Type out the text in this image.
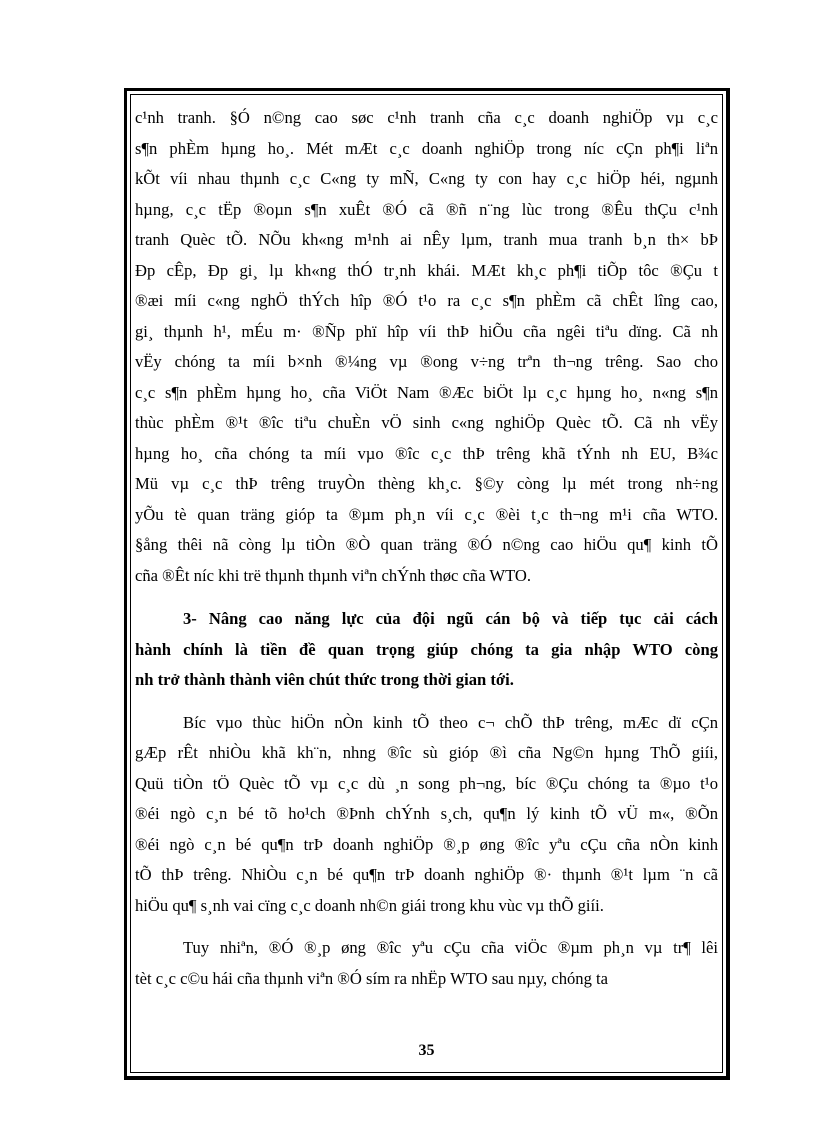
c¹nh tranh. §Ó n©ng cao søc c¹nh tranh cña c¸c doanh nghiÖp vµ c¸c
s¶n phÈm hµng ho¸. Mét mÆt c¸c doanh nghiÖp trong níc cÇn ph¶i liªn
kÕt víi nhau thµnh c¸c C«ng ty mÑ, C«ng ty con hay c¸c hiÖp héi, ngµnh
hµng, c¸c tËp ®oµn s¶n xuÊt ®Ó cã ®ñ n¨ng lùc trong ®Êu thÇu c¹nh
tranh Quèc tÕ. NÕu kh«ng m¹nh ai nÊy lµm, tranh mua tranh b¸n th× bÞ
Ðp cÊp, Ðp gi¸ lµ kh«ng thÓ tr¸nh khái. MÆt kh¸c ph¶i tiÕp tôc ®Çu t
®æi míi c«ng nghÖ thÝch hîp ®Ó t¹o ra c¸c s¶n phÈm cã chÊt lîng cao,
gi¸ thµnh h¹, mÉu m· ®Ñp phï hîp víi thÞ hiÕu cña ngêi tiªu dïng. Cã nh
vËy chóng ta míi b×nh ®¼ng vµ ®ong v÷ng trªn th¬ng trêng. Sao cho
c¸c s¶n phÈm hµng ho¸ cña ViÖt Nam ®Æc biÖt lµ c¸c hµng ho¸ n«ng s¶n
thùc phÈm ®¹t ®îc tiªu chuÈn vÖ sinh c«ng nghiÖp Quèc tÕ. Cã nh vËy
hµng ho¸ cña chóng ta míi vµo ®îc c¸c thÞ trêng khã tÝnh nh EU, B¾c
Mü vµ c¸c thÞ trêng truyÒn thèng kh¸c. §©y còng lµ mét trong nh÷ng
yÕu tè quan träng gióp ta ®µm ph¸n víi c¸c ®èi t¸c th¬ng m¹i cña WTO.
§ång thêi nã còng lµ tiÒn ®Ò quan träng ®Ó n©ng cao hiÖu qu¶ kinh tÕ
cña ®Êt níc khi trë thµnh thµnh viªn chÝnh thøc cña WTO.
3- Nâng cao năng lực của đội ngũ cán bộ và tiếp tục cải cách
hành chính là tiền đề quan trọng giúp chóng ta gia nhập WTO còng
nh trở thành thành viên chút thức trong thời gian tới.
Bíc vµo thùc hiÖn nÒn kinh tÕ theo c¬ chÕ thÞ trêng, mÆc dï cÇn
gÆp rÊt nhiÒu khã kh¨n, nhng ®îc sù gióp ®ì cña Ng©n hµng ThÕ giíi,
Quü tiÒn tÖ Quèc tÕ vµ c¸c dù ¸n song ph¬ng, bíc ®Çu chóng ta ®µo t¹o
®éi ngò c¸n bé tõ ho¹ch ®Þnh chÝnh s¸ch, qu¶n lý kinh tÕ vÜ m«, ®Õn
®éi ngò c¸n bé qu¶n trÞ doanh nghiÖp ®¸p øng ®îc yªu cÇu cña nÒn kinh
tÕ thÞ trêng. NhiÒu c¸n bé qu¶n trÞ doanh nghiÖp ®· thµnh ®¹t lµm ¨n cã
hiÖu qu¶ s¸nh vai cïng c¸c doanh nh©n giái trong khu vùc vµ thÕ giíi.
Tuy nhiªn, ®Ó ®¸p øng ®îc yªu cÇu cña viÖc ®µm ph¸n vµ tr¶ lêi
tèt c¸c c©u hái cña thµnh viªn ®Ó sím ra nhËp WTO sau nµy, chóng ta
35
